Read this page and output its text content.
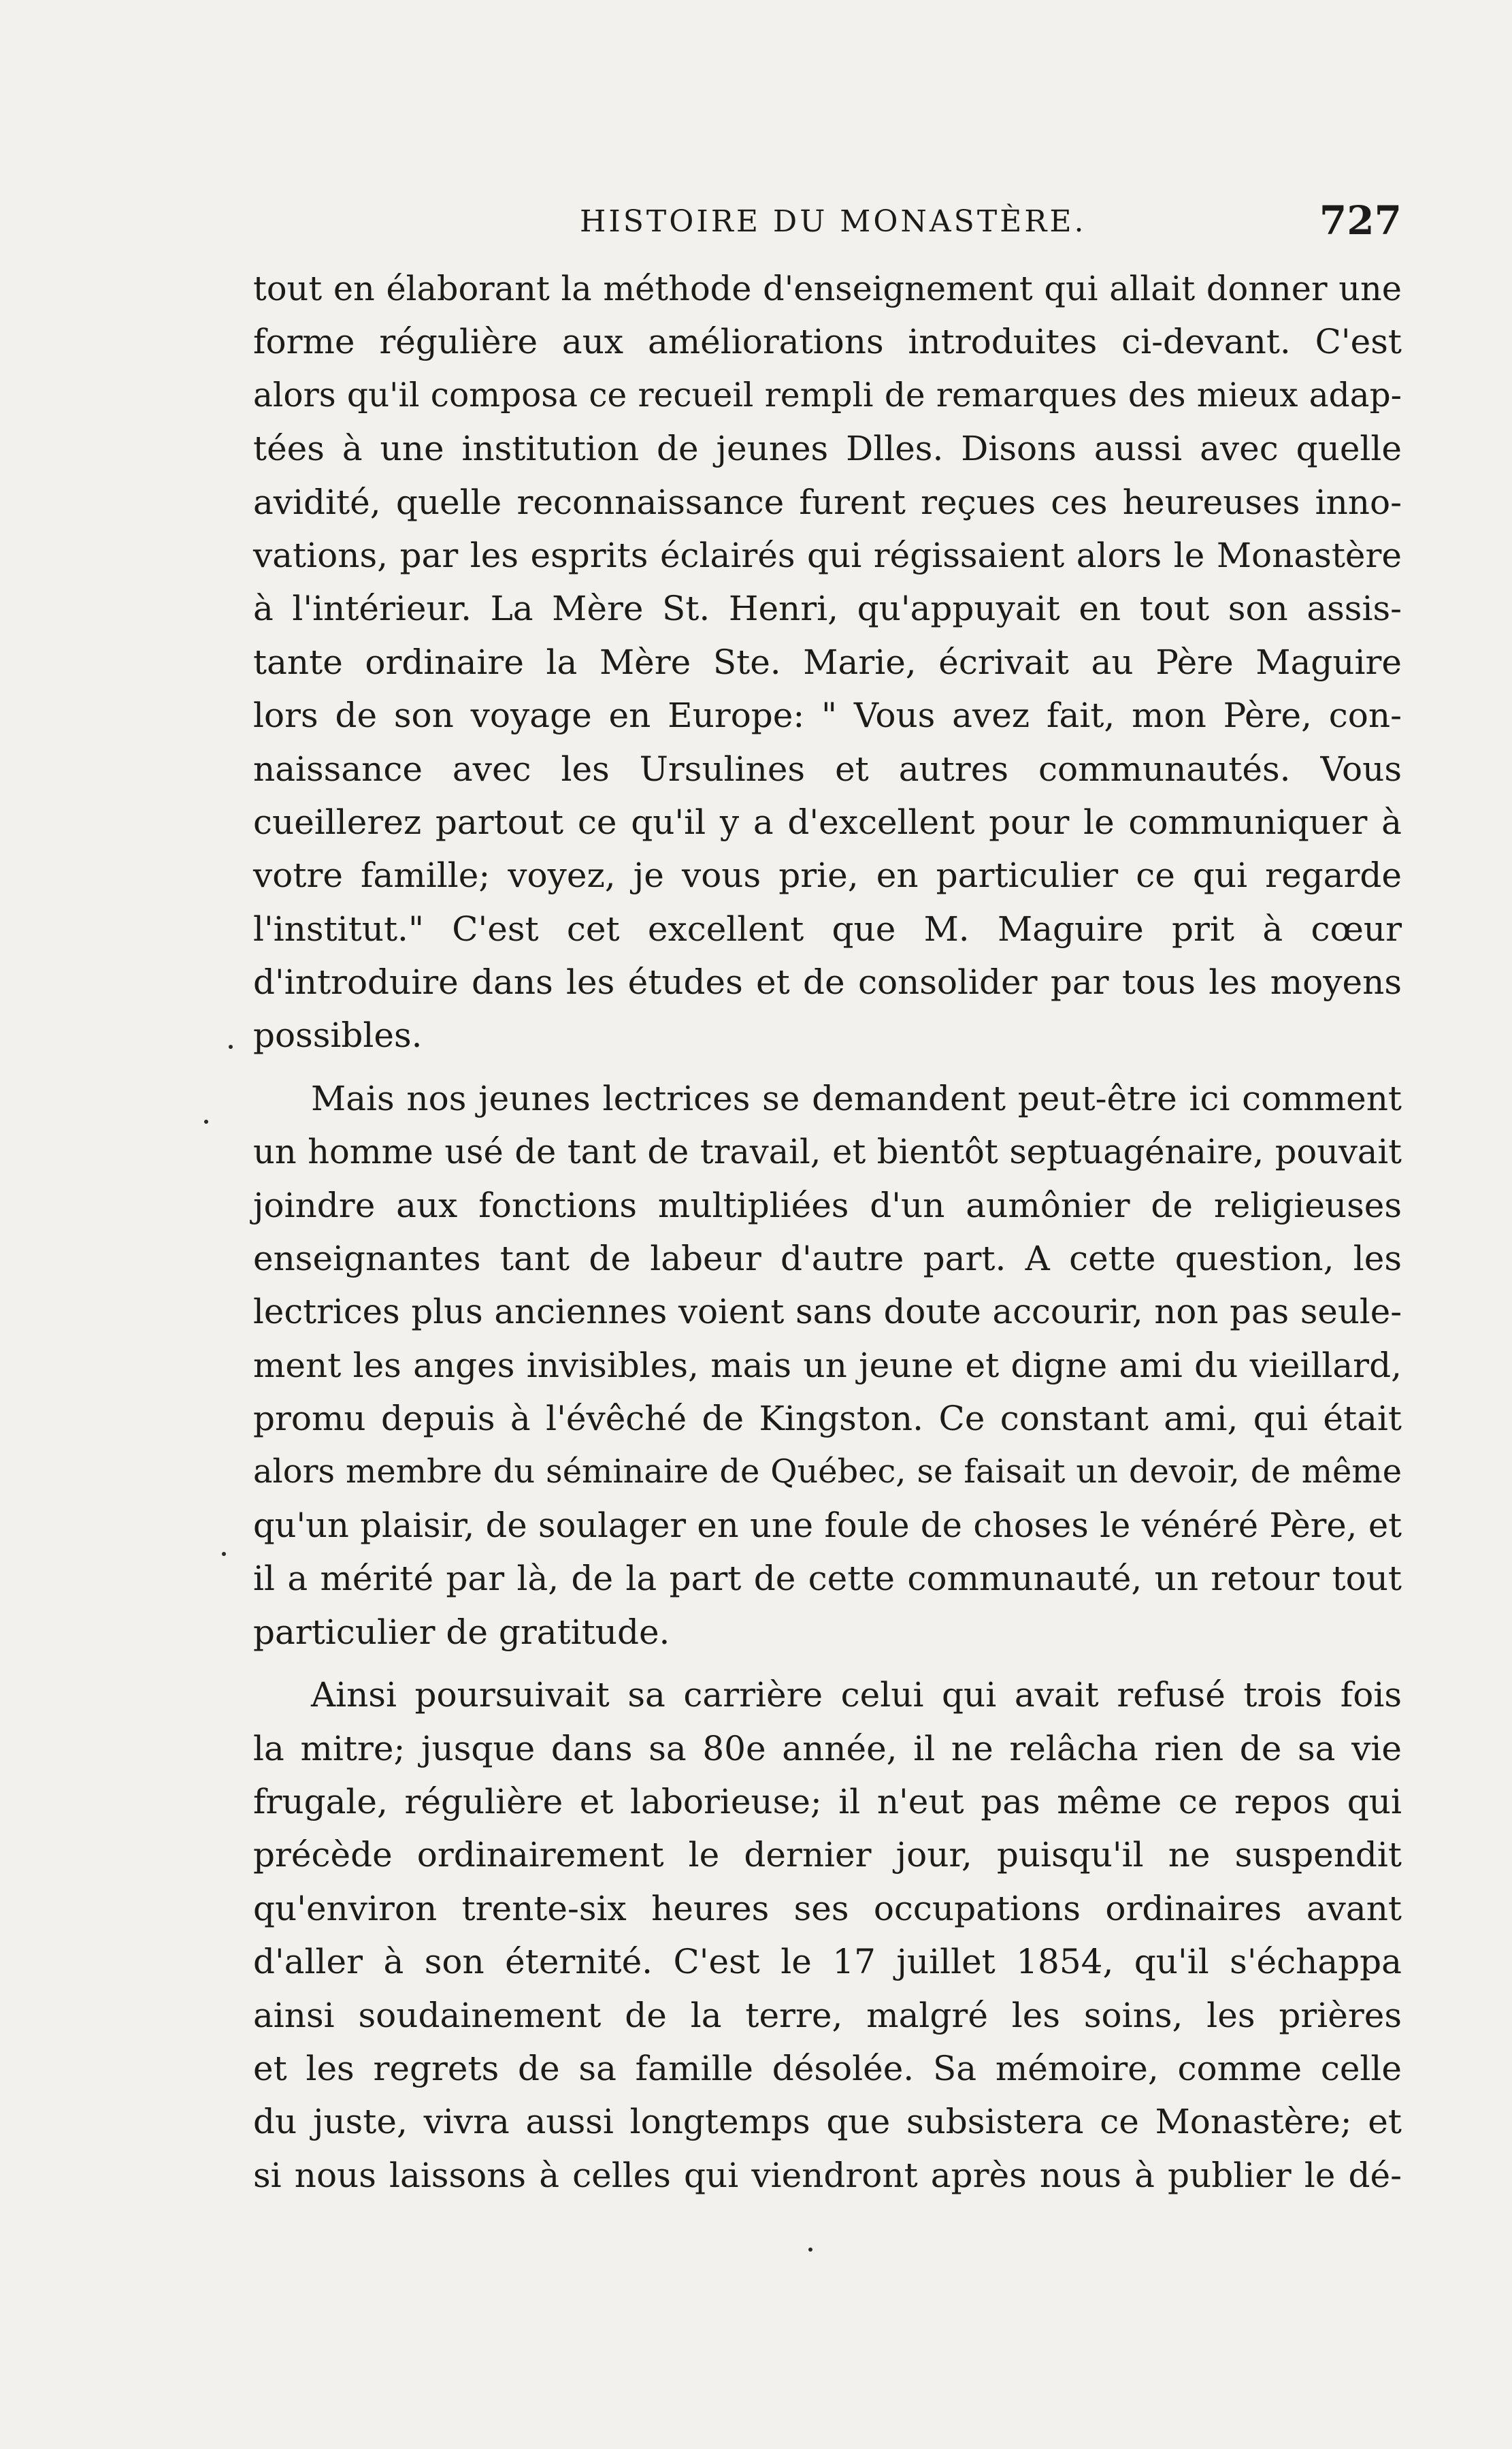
HISTOIRE DU MONASTÈRE.	727
tout en élaborant la méthode d'enseignement qui allait donner une
forme régulière aux améliorations introduites ci-devant. C'est
alors qu'il composa ce recueil rempli de remarques des mieux adap-
tées à une institution de jeunes Dlles. Disons aussi avec quelle
avidité, quelle reconnaissance furent reçues ces heureuses inno-
vations, par les esprits éclairés qui régissaient alors le Monastère
à l'intérieur. La Mère St. Henri, qu'appuyait en tout son assis-
tante ordinaire la Mère Ste. Marie, écrivait au Père Maguire
lors de son voyage en Europe: " Vous avez fait, mon Père, con-
naissance avec les Ursulines et autres communautés. Vous
cueillerez partout ce qu'il y a d'excellent pour le communiquer à
votre famille; voyez, je vous prie, en particulier ce qui regarde
l'institut." C'est cet excellent que M. Maguire prit à cœur
d'introduire dans les études et de consolider par tous les moyens
possibles.
Mais nos jeunes lectrices se demandent peut-être ici comment
un homme usé de tant de travail, et bientôt septuagénaire, pouvait
joindre aux fonctions multipliées d'un aumônier de religieuses
enseignantes tant de labeur d'autre part. A cette question, les
lectrices plus anciennes voient sans doute accourir, non pas seule-
ment les anges invisibles, mais un jeune et digne ami du vieillard,
promu depuis à l'évêché de Kingston. Ce constant ami, qui était
alors membre du séminaire de Québec, se faisait un devoir, de même
qu'un plaisir, de soulager en une foule de choses le vénéré Père, et
il a mérité par là, de la part de cette communauté, un retour tout
particulier de gratitude.
Ainsi poursuivait sa carrière celui qui avait refusé trois fois
la mitre; jusque dans sa 80e année, il ne relâcha rien de sa vie
frugale, régulière et laborieuse; il n'eut pas même ce repos qui
précède ordinairement le dernier jour, puisqu'il ne suspendit
qu'environ trente-six heures ses occupations ordinaires avant
d'aller à son éternité. C'est le 17 juillet 1854, qu'il s'échappa
ainsi soudainement de la terre, malgré les soins, les prières
et les regrets de sa famille désolée. Sa mémoire, comme celle
du juste, vivra aussi longtemps que subsistera ce Monastère; et
si nous laissons à celles qui viendront après nous à publier le dé-
